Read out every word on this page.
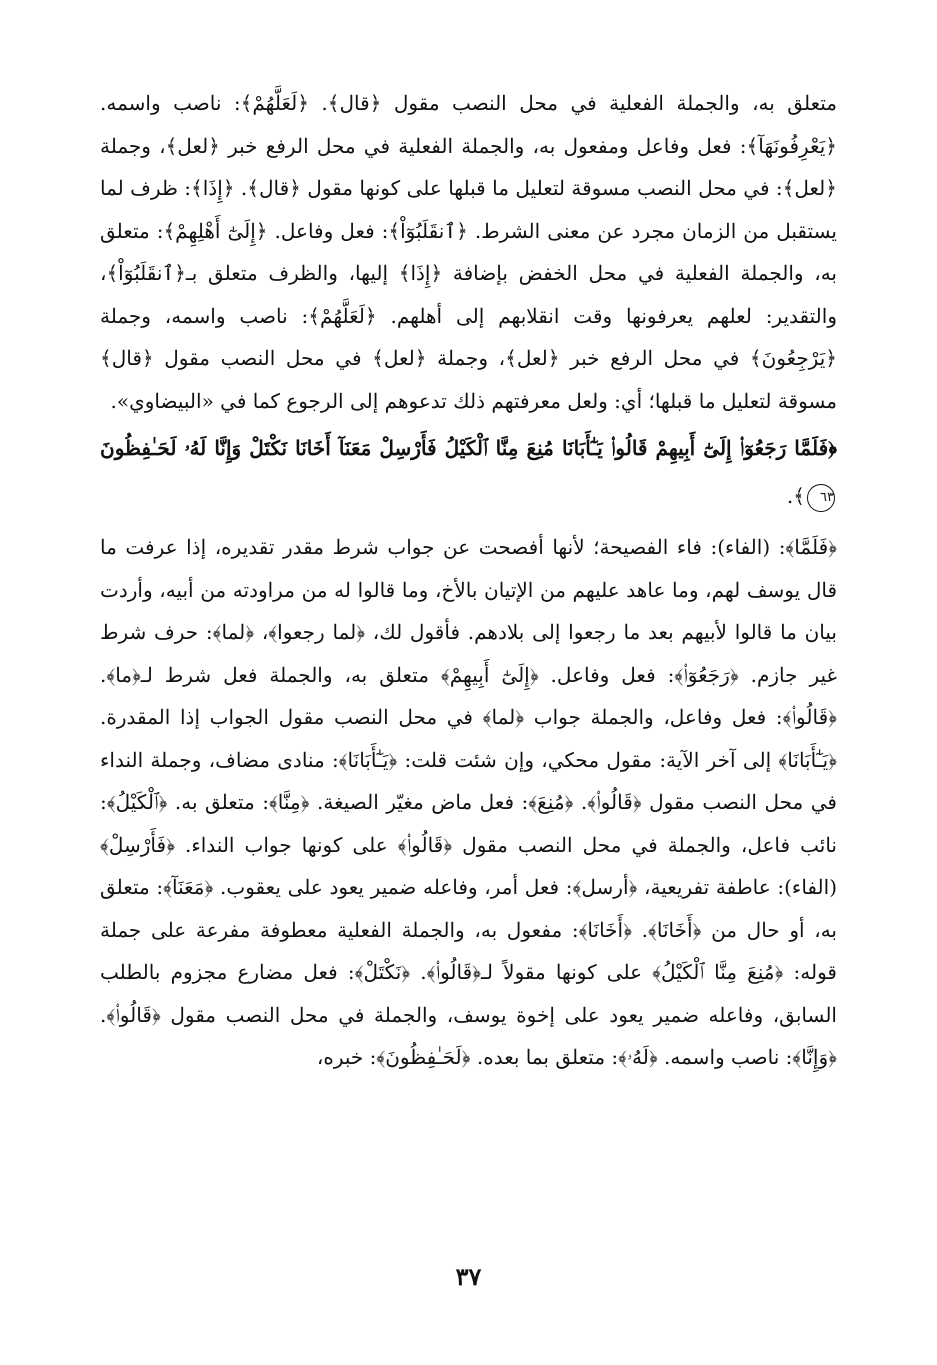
متعلق به، والجملة الفعلية في محل النصب مقول ﴿قال﴾. ﴿لَعَلَّهُمْ﴾: ناصب واسمه. ﴿يَعْرِفُونَهَآ﴾: فعل وفاعل ومفعول به، والجملة الفعلية في محل الرفع خبر ﴿لعل﴾، وجملة ﴿لعل﴾: في محل النصب مسوقة لتعليل ما قبلها على كونها مقول ﴿قال﴾. ﴿إِذَا﴾: ظرف لما يستقبل من الزمان مجرد عن معنى الشرط. ﴿ٱنقَلَبُوٓاْ﴾: فعل وفاعل. ﴿إِلَىٰٓ أَهْلِهِمْ﴾: متعلق به، والجملة الفعلية في محل الخفض بإضافة ﴿إِذَا﴾ إليها، والظرف متعلق بـ﴿ٱنقَلَبُوٓاْ﴾، والتقدير: لعلهم يعرفونها وقت انقلابهم إلى أهلهم. ﴿لَعَلَّهُمْ﴾: ناصب واسمه، وجملة ﴿يَرْجِعُونَ﴾ في محل الرفع خبر ﴿لعل﴾، وجملة ﴿لعل﴾ في محل النصب مقول ﴿قال﴾ مسوقة لتعليل ما قبلها؛ أي: ولعل معرفتهم ذلك تدعوهم إلى الرجوع كما في «البيضاوي».

﴿فَلَمَّا رَجَعُوٓا۟ إِلَىٰٓ أَبِيهِمْ قَالُوا۟ يَـٰٓأَبَانَا مُنِعَ مِنَّا ٱلْكَيْلُ فَأَرْسِلْ مَعَنَآ أَخَانَا نَكْتَلْ وَإِنَّا لَهُۥ لَحَـٰفِظُونَ ٦٣﴾.

﴿فَلَمَّا﴾: (الفاء): فاء الفصيحة؛ لأنها أفصحت عن جواب شرط مقدر تقديره، إذا عرفت ما قال يوسف لهم، وما عاهد عليهم من الإتيان بالأخ، وما قالوا له من مراودته من أبيه، وأردت بيان ما قالوا لأبيهم بعد ما رجعوا إلى بلادهم. فأقول لك، ﴿لما رجعوا﴾، ﴿لما﴾: حرف شرط غير جازم. ﴿رَجَعُوٓا۟﴾: فعل وفاعل. ﴿إِلَىٰٓ أَبِيهِمْ﴾ متعلق به، والجملة فعل شرط لـ﴿ما﴾. ﴿قَالُوا۟﴾: فعل وفاعل، والجملة جواب ﴿لما﴾ في محل النصب مقول الجواب إذا المقدرة. ﴿يَـٰٓأَبَانَا﴾ إلى آخر الآية: مقول محكي، وإن شئت قلت: ﴿يَـٰٓأَبَانَا﴾: منادى مضاف، وجملة النداء في محل النصب مقول ﴿قَالُوا۟﴾. ﴿مُنِعَ﴾: فعل ماض مغيّر الصيغة. ﴿مِنَّا﴾: متعلق به. ﴿ٱلْكَيْلُ﴾: نائب فاعل، والجملة في محل النصب مقول ﴿قَالُوا۟﴾ على كونها جواب النداء. ﴿فَأَرْسِلْ﴾ (الفاء): عاطفة تفريعية، ﴿أرسل﴾: فعل أمر، وفاعله ضمير يعود على يعقوب. ﴿مَعَنَآ﴾: متعلق به، أو حال من ﴿أَخَانَا﴾. ﴿أَخَانَا﴾: مفعول به، والجملة الفعلية معطوفة مفرعة على جملة قوله: ﴿مُنِعَ مِنَّا ٱلْكَيْلُ﴾ على كونها مقولاً لـ﴿قَالُوا۟﴾. ﴿نَكْتَلْ﴾: فعل مضارع مجزوم بالطلب السابق، وفاعله ضمير يعود على إخوة يوسف، والجملة في محل النصب مقول ﴿قَالُوا۟﴾. ﴿وَإِنَّا﴾: ناصب واسمه. ﴿لَهُۥ﴾: متعلق بما بعده. ﴿لَحَـٰفِظُونَ﴾: خبره،

٣٧
